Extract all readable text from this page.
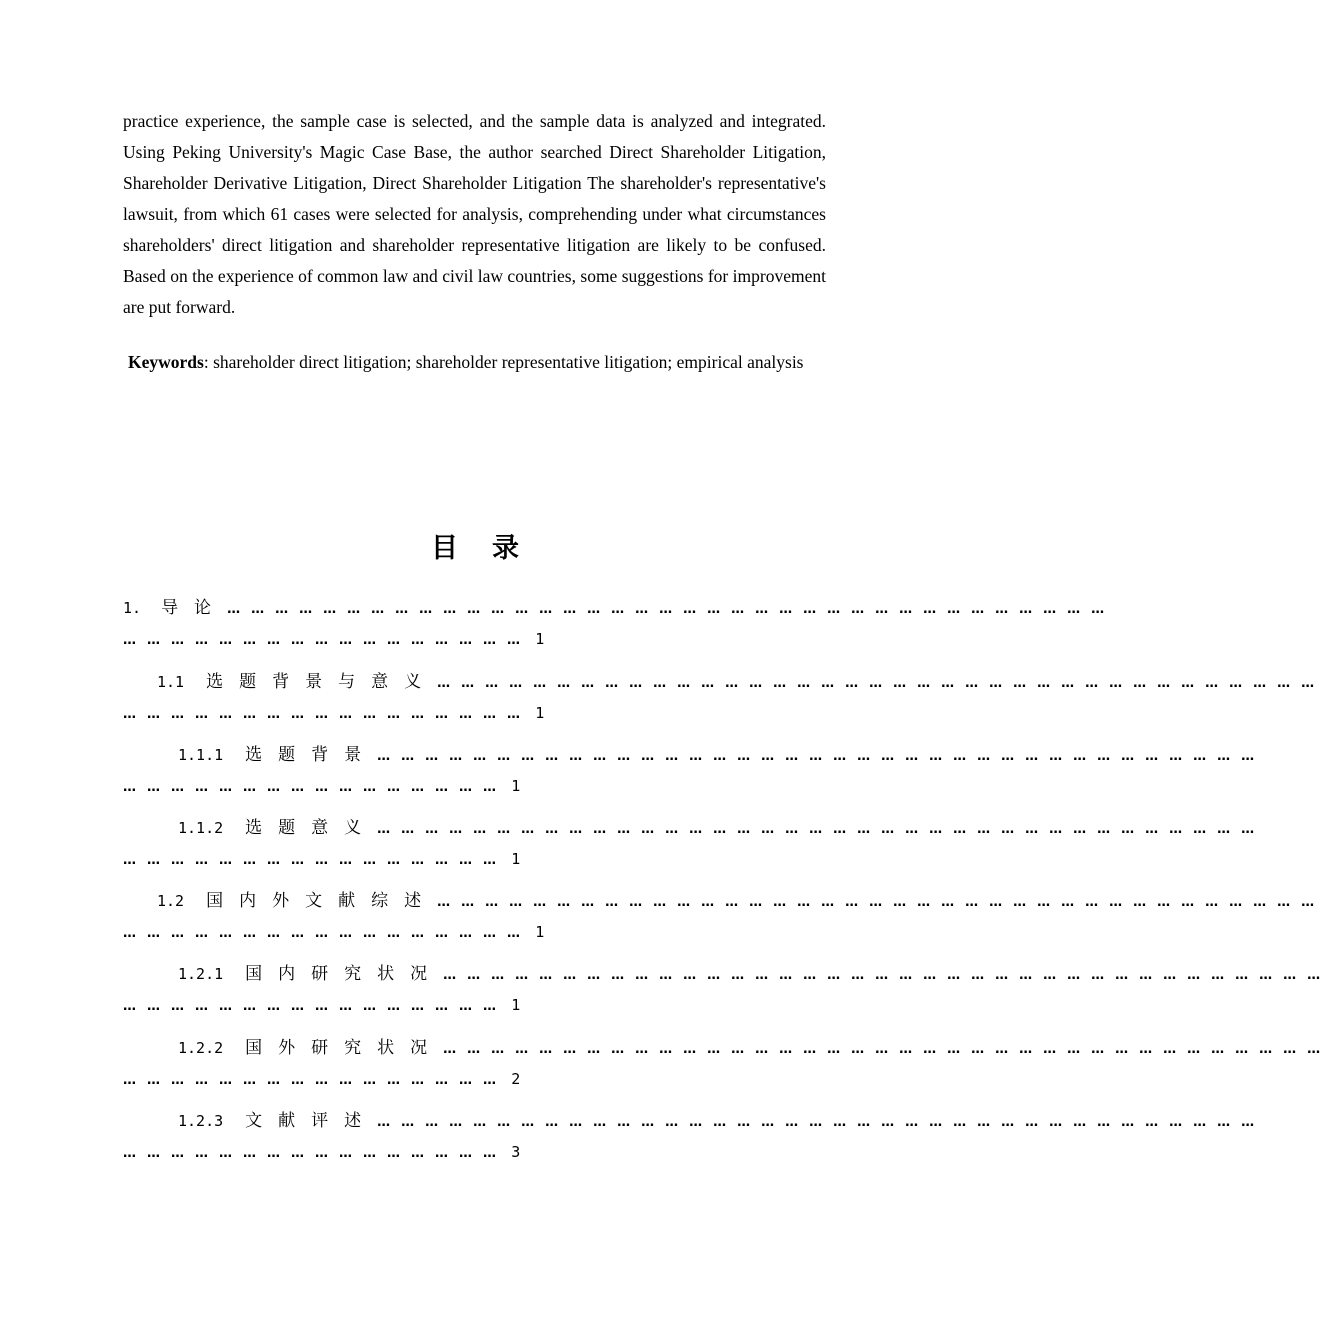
practice experience, the sample case is selected, and the sample data is analyzed and integrated. Using Peking University's Magic Case Base, the author searched Direct Shareholder Litigation, Shareholder Derivative Litigation, Direct Shareholder Litigation The shareholder's representative's lawsuit, from which 61 cases were selected for analysis, comprehending under what circumstances shareholders' direct litigation and shareholder representative litigation are likely to be confused. Based on the experience of common law and civil law countries, some suggestions for improvement are put forward.

Keywords: shareholder direct litigation; shareholder representative litigation; empirical analysis

目录
1. 导论…………………………………………………………………………………………………
…………………………………………… 1
1.1 选题背景与意义…………………………………………………………………………………………………
…………………………………………… 1
1.1.1 选题背景…………………………………………………………………………………………………
………………………………………… 1
1.1.2 选题意义…………………………………………………………………………………………………
………………………………………… 1
1.2 国内外文献综述…………………………………………………………………………………………………
…………………………………………… 1
1.2.1 国内研究状况…………………………………………………………………………………………………
………………………………………… 1
1.2.2 国外研究状况…………………………………………………………………………………………………
………………………………………… 2
1.2.3 文献评述…………………………………………………………………………………………………
………………………………………… 3
